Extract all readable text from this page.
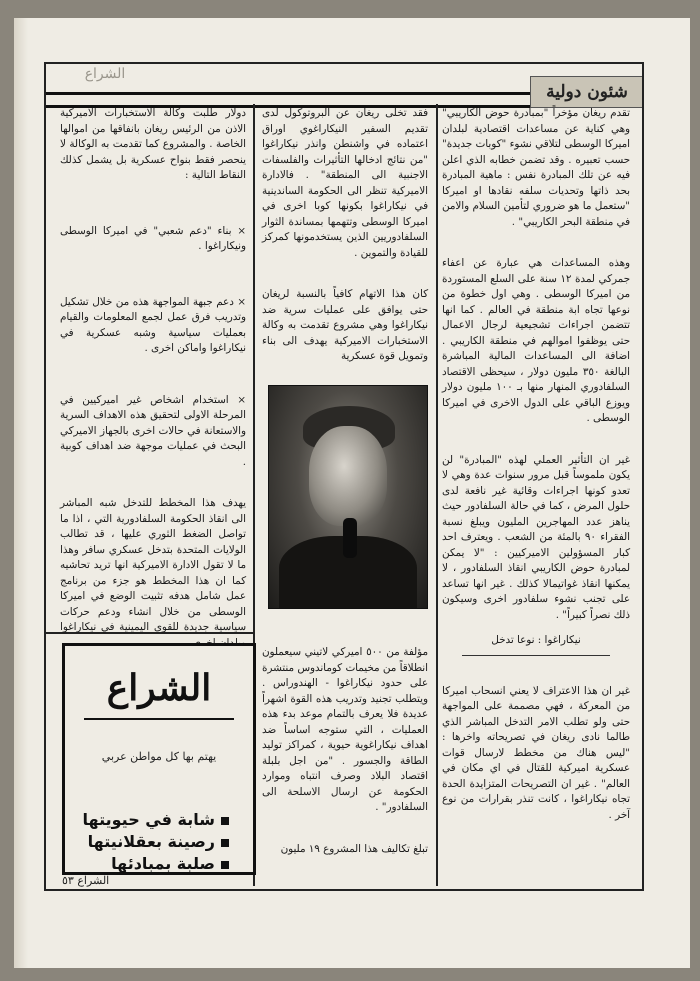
الشراع
شئون دولية

تقدم ريغان مؤخراً "بمبادرة حوض الكاريبي" وهي كناية عن مساعدات اقتصادية لبلدان اميركا الوسطى لتلاقي نشوء "كوبات جديدة" حسب تعبيره . وقد تضمن خطابه الذي اعلن فيه عن تلك المبادرة نفس : ماهية المبادرة بحد ذاتها وتحديات سلفه نقادها او اميركا "ستعمل ما هو ضروري لتأمين السلام والامن في منطقة البحر الكاريبي" .

وهذه المساعدات هي عبارة عن اعفاء جمركي لمدة ١٢ سنة على السلع المستوردة من اميركا الوسطى . وهي اول خطوة من نوعها تجاه ابة منطقة في العالم . كما انها تتضمن اجراءات تشجيعية لرجال الاعمال حتى يوظفوا اموالهم في منطقة الكاريبي . اضافة الى المساعدات المالية المباشرة البالغة ٣٥٠ مليون دولار ، سيحظى الاقتصاد السلفادوري المنهار منها بـ ١٠٠ مليون دولار ويوزع الباقي على الدول الاخرى في اميركا الوسطى .

غير ان التأثير العملي لهذه "المبادرة" لن يكون ملموساً قبل مرور سنوات عدة وهي لا تعدو كونها اجراءات وقائية غير نافعة لدى حلول المرض ، كما في حالة السلفادور حيث يناهز عدد المهاجرين المليون ويبلغ نسبة الفقراء ٩٠ بالمئة من الشعب . ويعترف احد كبار المسؤولين الاميركيين : "لا يمكن لمبادرة حوض الكاريبي انقاذ السلفادور ، لا يمكنها انقاذ غواتيمالا كذلك . غير انها تساعد على تجنب نشوء سلفادور اخرى وسيكون ذلك نصراً كبيراً" .

نيكاراغوا : نوعا تدخل

غير ان هذا الاعتراف لا يعني انسحاب اميركا من المعركة ، فهي مصممة على المواجهة حتى ولو تطلب الامر التدخل المباشر الذي طالما نادى ريغان في تصريحاته واخرها : "ليس هناك من مخطط لارسال قوات عسكرية اميركية للقتال في اي مكان في العالم" . غير ان التصريحات المتزايدة الحدة تجاه نيكاراغوا ، كانت تنذر بقرارات من نوع آخر .

فقد تخلى ريغان عن البروتوكول لدى تقديم السفير النيكاراغوي اوراق اعتماده في واشنطن وانذر نيكاراغوا "من نتائج ادخالها التأثيرات والفلسفات الاجنبية الى المنطقة" . فالادارة الاميركية تنظر الى الحكومة الساندينية في نيكاراغوا بكونها كوبا اخرى في اميركا الوسطى وتتهمها بمساندة الثوار السلفادوريين الذين يستخدمونها كمركز للقيادة والتموين .

كان هذا الاتهام كافياً بالنسبة لريغان حتى يوافق على عمليات سرية ضد نيكاراغوا وهي مشروع تقدمت به وكالة الاستخبارات الاميركية يهدف الى بناء وتمويل قوة عسكرية

مؤلفة من ٥٠٠ اميركي لاتيني سيعملون انطلاقاً من مخيمات كوماندوس منتشرة على حدود نيكاراغوا - الهندوراس . ويتطلب تجنيد وتدريب هذه القوة اشهراً عديدة فلا يعرف بالتمام موعد بدء هذه العمليات ، التي ستوجه اساساً ضد اهداف نيكاراغوية حيوية ، كمراكز توليد الطاقة والجسور . "من اجل بلبلة اقتصاد البلاد وصرف انتباه وموارد الحكومة عن ارسال الاسلحة الى السلفادور" .

تبلغ تكاليف هذا المشروع ١٩ مليون

دولار طلبت وكالة الاستخبارات الاميركية الاذن من الرئيس ريغان بانفاقها من اموالها الخاصة . والمشروع كما تقدمت به الوكالة لا ينحصر فقط بنواح عسكرية بل يشمل كذلك النقاط التالية :

× بناء "دعم شعبي" في اميركا الوسطى ونيكاراغوا .

× دعم جبهة المواجهة هذه من خلال تشكيل وتدريب فرق عمل لجمع المعلومات والقيام بعمليات سياسية وشبه عسكرية في نيكاراغوا واماكن اخرى .

× استخدام اشخاص غير اميركيين في المرحلة الاولى لتحقيق هذه الاهداف السرية والاستعانة في حالات اخرى بالجهاز الاميركي البحث في عمليات موجهة ضد اهداف كوبية .

يهدف هذا المخطط للتدخل شبه المباشر الى انقاذ الحكومة السلفادورية التي ، اذا ما تواصل الضغط الثوري عليها ، قد تطالب الولايات المتحدة بتدخل عسكري سافر وهذا ما لا تقول الادارة الاميركية انها تريد تحاشيه كما ان هذا المخطط هو جزء من برنامج عمل شامل هدفه تثبيت الوضع في اميركا الوسطى من خلال انشاء ودعم حركات سياسية جديدة للقوى اليمينية في نيكاراغوا

الشراع
يهتم بها كل مواطن عربي
شابة في حيويتها
رصينة بعقلانيتها
صلبة بمبادئها
الشراع ٥٣
